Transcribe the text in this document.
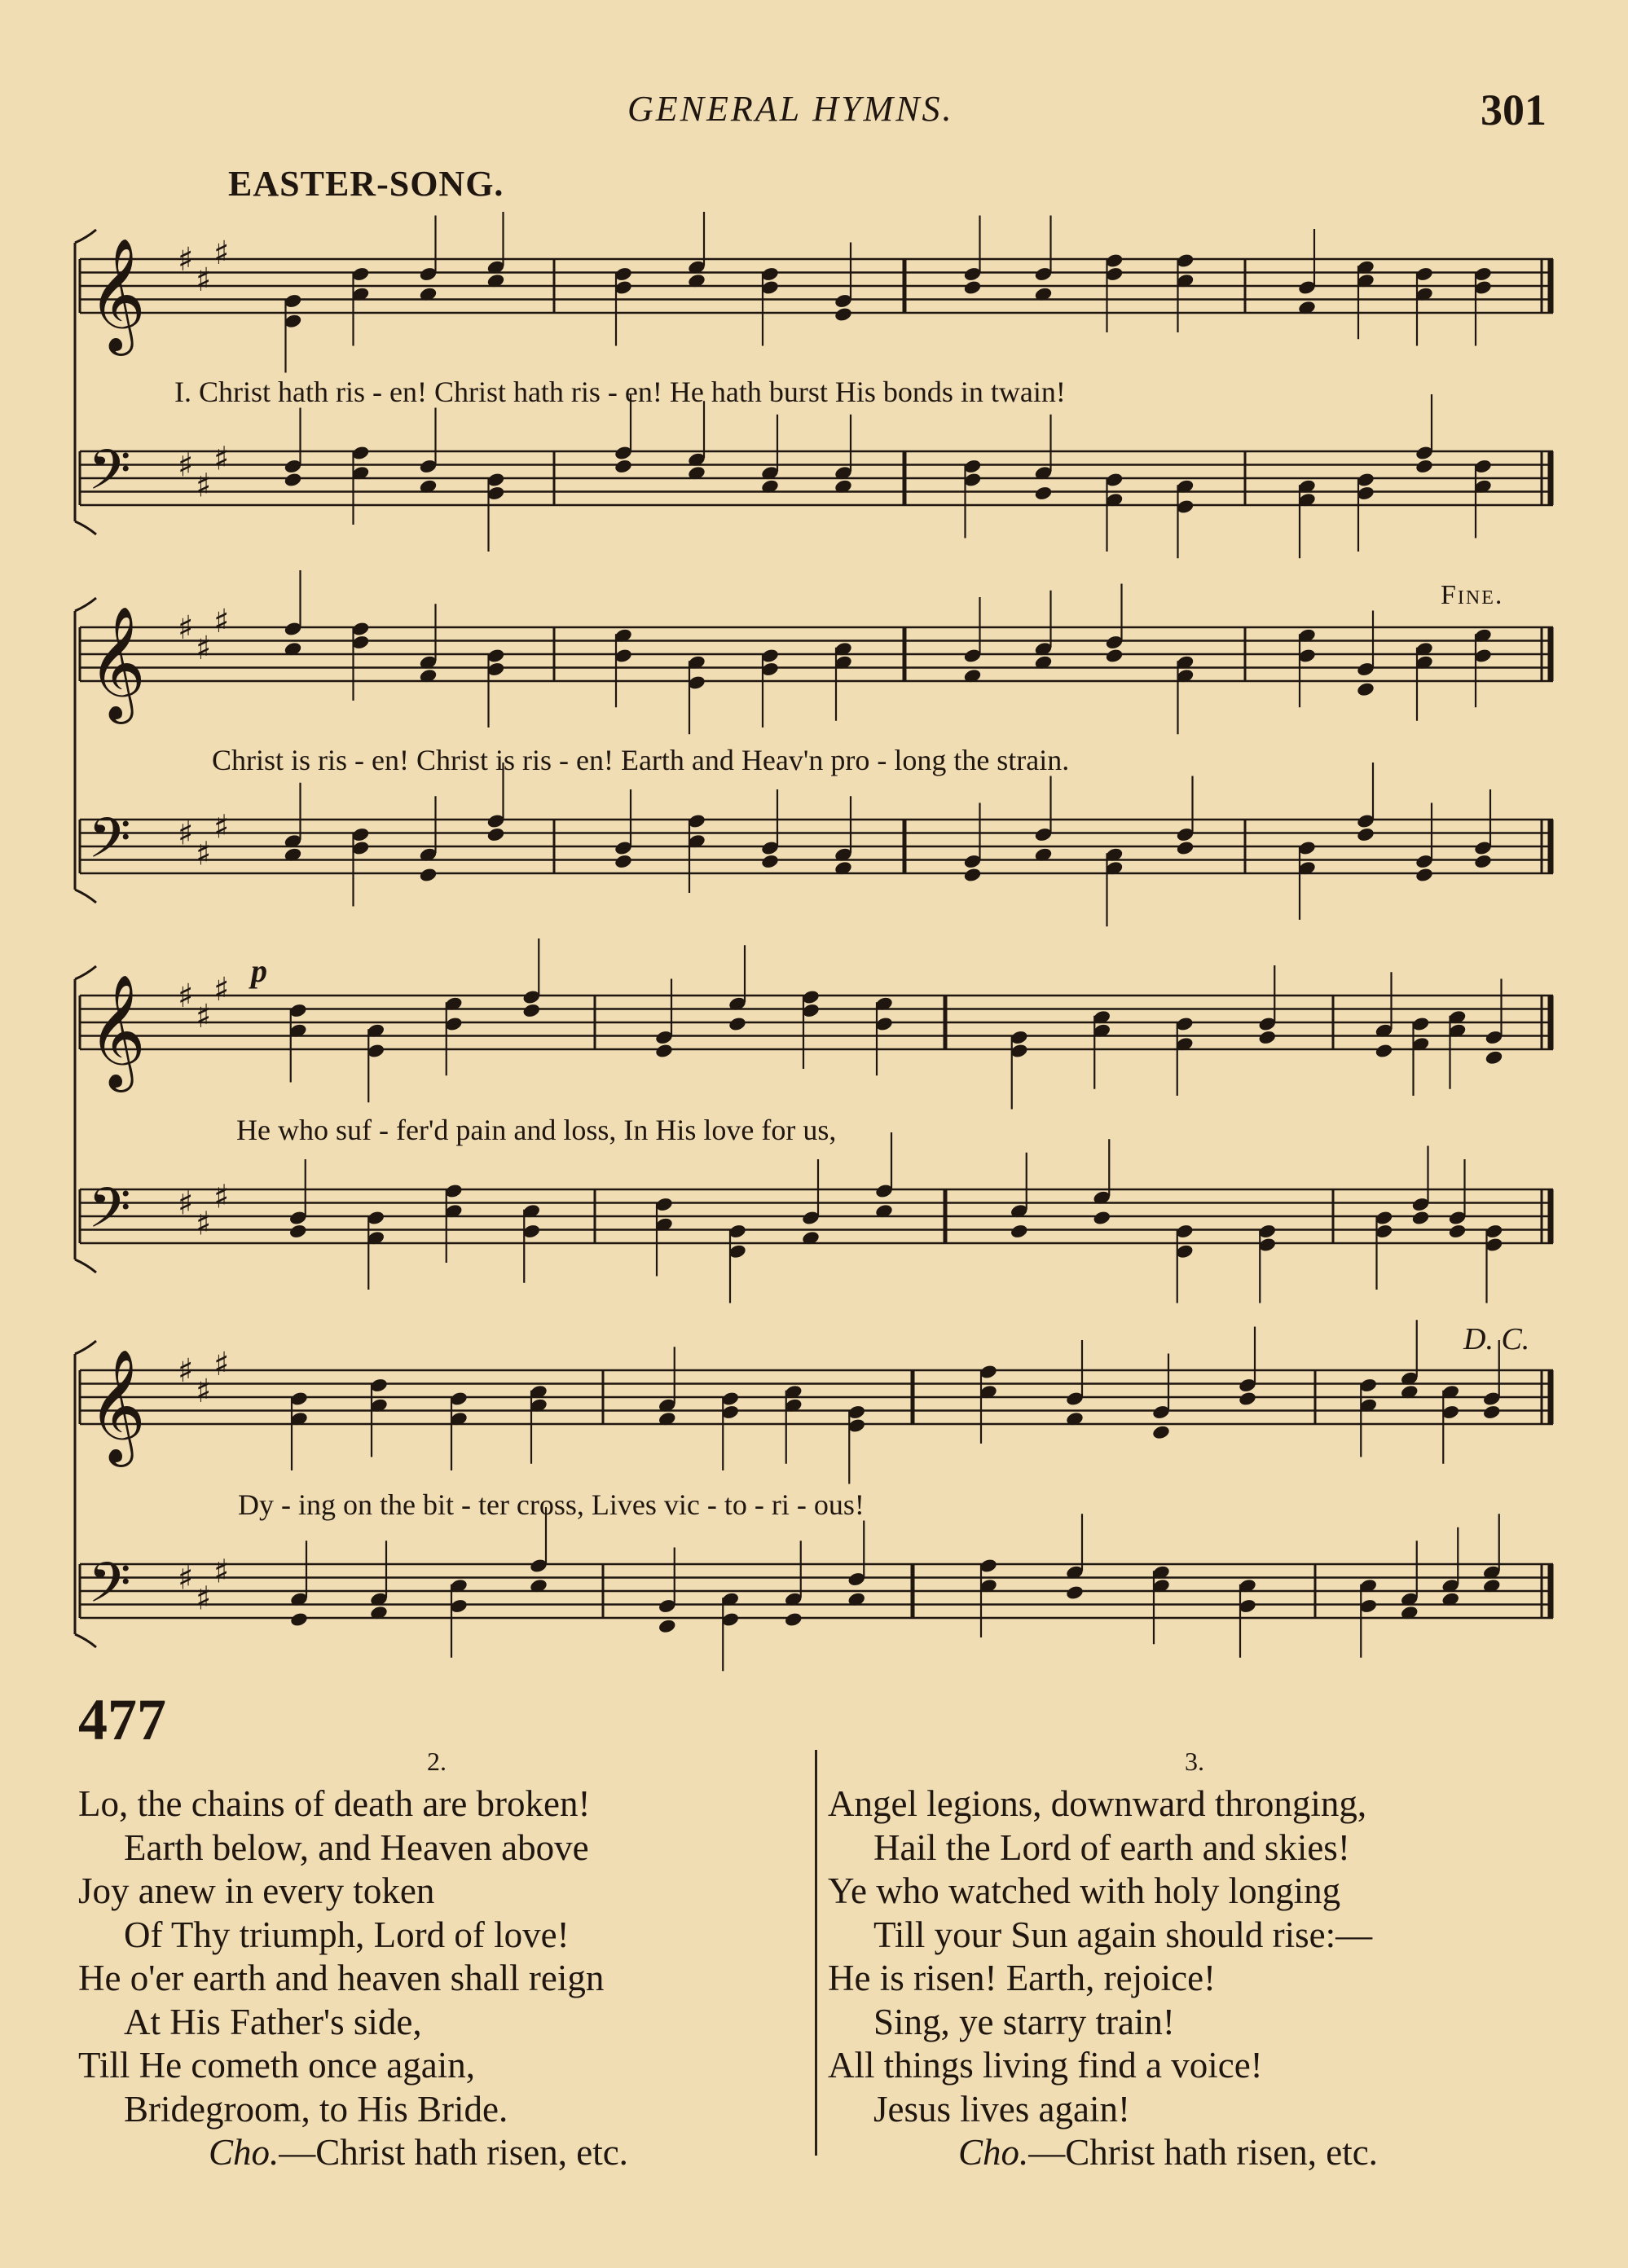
GENERAL HYMNS.	301
EASTER-SONG.
𝄞 ♯
♯
♯
𝄢 ♯
♯
♯
𝄞 ♯
♯
♯
𝄢 ♯
♯
♯
𝄞 ♯
♯
♯
𝄢 ♯
♯
♯
𝄞 ♯
♯
♯
𝄢 ♯
♯
♯
I. Christ hath ris - en! Christ hath ris - en! He hath burst His bonds in twain!
Christ is ris - en! Christ is ris - en! Earth and Heav'n pro - long the strain.
He who suf - fer'd pain and loss, In His love for us,
Dy - ing on the bit - ter cross, Lives vic - to - ri - ous!
Fine.
D. C.
p
477
2.
Lo, the chains of death are broken!
Earth below, and Heaven above
Joy anew in every token
Of Thy triumph, Lord of love!
He o'er earth and heaven shall reign
At His Father's side,
Till He cometh once again,
Bridegroom, to His Bride.
Cho.—Christ hath risen, etc.
3.
Angel legions, downward thronging,
Hail the Lord of earth and skies!
Ye who watched with holy longing
Till your Sun again should rise:—
He is risen! Earth, rejoice!
Sing, ye starry train!
All things living find a voice!
Jesus lives again!
Cho.—Christ hath risen, etc.
